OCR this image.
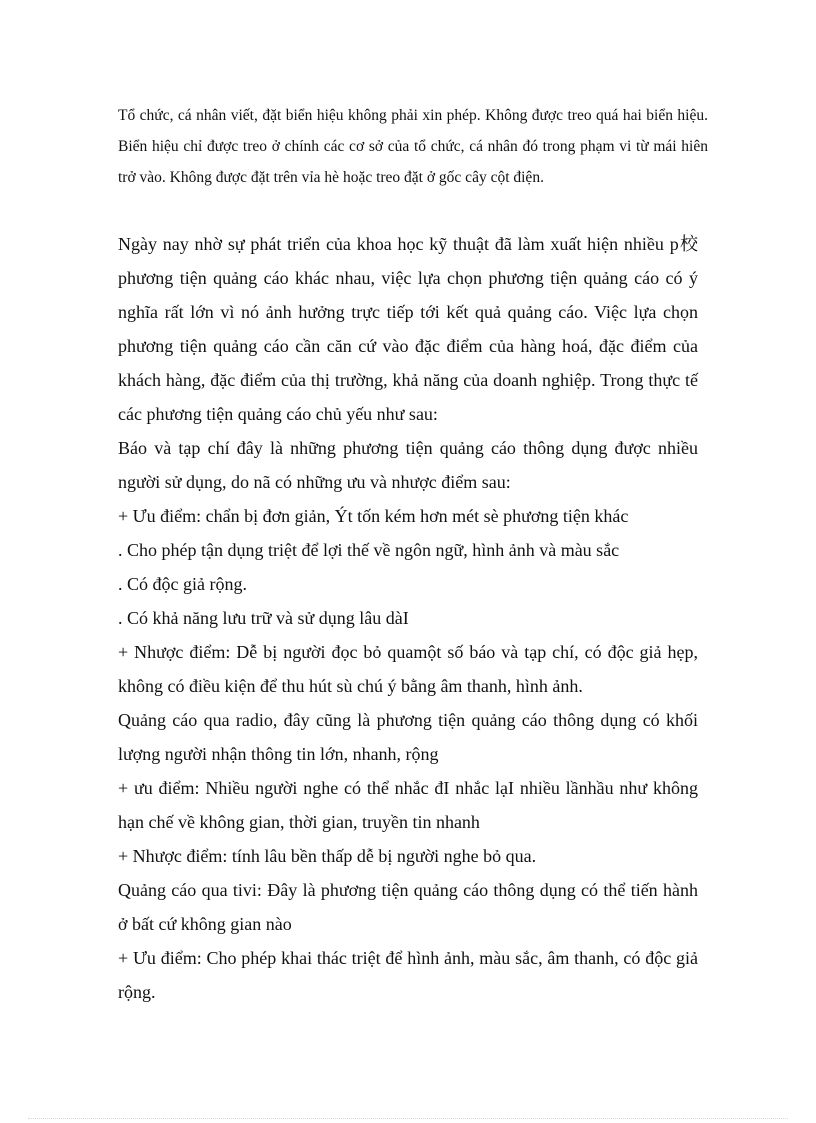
Tổ chức, cá nhân viết, đặt biển hiệu không phải xin phép. Không được treo quá hai biển hiệu. Biển hiệu chỉ được treo ở chính các cơ sở của tổ chức, cá nhân đó trong phạm vi từ mái hiên trở vào. Không được đặt trên vỉa hè hoặc treo đặt ở gốc cây cột điện.

Ngày nay nhờ sự phát triển của khoa học kỹ thuật đã làm xuất hiện nhiều p校 phương tiện quảng cáo khác nhau, việc lựa chọn phương tiện quảng cáo có ý nghĩa rất lớn vì nó ảnh hưởng trực tiếp tới kết quả quảng cáo. Việc lựa chọn phương tiện quảng cáo cần căn cứ vào đặc điểm của hàng hoá, đặc điểm của khách hàng, đặc điểm của thị trường, khả năng của doanh nghiệp. Trong thực tế các phương tiện quảng cáo chủ yếu như sau:

Báo và tạp chí đây là những phương tiện quảng cáo thông dụng được nhiều người sử dụng, do nã có những ưu và nhược điểm sau:

+ Ưu điểm: chẩn bị đơn giản, Ýt tốn kém hơn mét sè phương tiện khác

. Cho phép tận dụng triệt để lợi thế về ngôn ngữ, hình ảnh và màu sắc

. Có độc giả rộng.

. Có khả năng lưu trữ và sử dụng lâu dàI

+ Nhược điểm: Dễ bị người đọc bỏ quamột số báo và tạp chí, có độc giả hẹp, không có điều kiện để thu hút sù chú ý bằng âm thanh, hình ảnh.

Quảng cáo qua radio, đây cũng là phương tiện quảng cáo thông dụng có khối lượng người nhận thông tin lớn, nhanh, rộng

+ ưu điểm: Nhiều người nghe có thể nhắc đI nhắc lạI nhiều lầnhầu như không hạn chế về không gian, thời gian, truyền tin nhanh

+ Nhược điểm: tính lâu bền thấp dễ bị người nghe bỏ qua.

Quảng cáo qua tivi: Đây là phương tiện quảng cáo thông dụng có thể tiến hành ở bất cứ không gian nào

+ Ưu điểm: Cho phép khai thác triệt để hình ảnh, màu sắc, âm thanh, có độc giả rộng.
